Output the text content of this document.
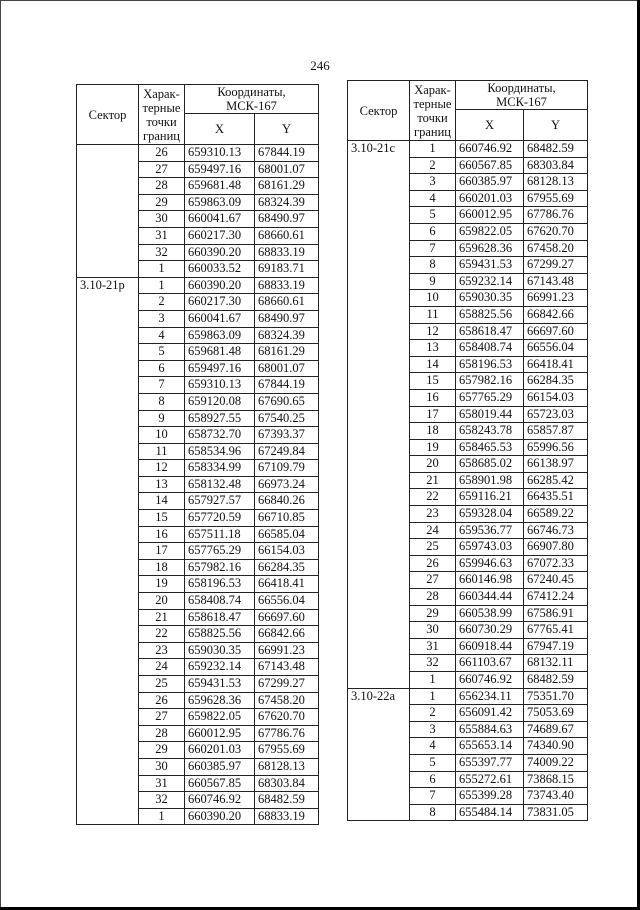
246
Сектор	Харак-
терные
точки
границ	Координаты,
МСК-167	

		X	Y
	26	659310.13	67844.19
	27	659497.16	68001.07
	28	659681.48	68161.29
	29	659863.09	68324.39
	30	660041.67	68490.97
	31	660217.30	68660.61
	32	660390.20	68833.19
	1	660033.52	69183.71
3.10-21р	1	660390.20	68833.19
	2	660217.30	68660.61
	3	660041.67	68490.97
	4	659863.09	68324.39
	5	659681.48	68161.29
	6	659497.16	68001.07
	7	659310.13	67844.19
	8	659120.08	67690.65
	9	658927.55	67540.25
	10	658732.70	67393.37
	11	658534.96	67249.84
	12	658334.99	67109.79
	13	658132.48	66973.24
	14	657927.57	66840.26
	15	657720.59	66710.85
	16	657511.18	66585.04
	17	657765.29	66154.03
	18	657982.16	66284.35
	19	658196.53	66418.41
	20	658408.74	66556.04
	21	658618.47	66697.60
	22	658825.56	66842.66
	23	659030.35	66991.23
	24	659232.14	67143.48
	25	659431.53	67299.27
	26	659628.36	67458.20
	27	659822.05	67620.70
	28	660012.95	67786.76
	29	660201.03	67955.69
	30	660385.97	68128.13
	31	660567.85	68303.84
	32	660746.92	68482.59
	1	660390.20	68833.19
Сектор	Харак-
терные
точки
границ	Координаты,
МСК-167	

		X	Y
3.10-21с	1	660746.92	68482.59
	2	660567.85	68303.84
	3	660385.97	68128.13
	4	660201.03	67955.69
	5	660012.95	67786.76
	6	659822.05	67620.70
	7	659628.36	67458.20
	8	659431.53	67299.27
	9	659232.14	67143.48
	10	659030.35	66991.23
	11	658825.56	66842.66
	12	658618.47	66697.60
	13	658408.74	66556.04
	14	658196.53	66418.41
	15	657982.16	66284.35
	16	657765.29	66154.03
	17	658019.44	65723.03
	18	658243.78	65857.87
	19	658465.53	65996.56
	20	658685.02	66138.97
	21	658901.98	66285.42
	22	659116.21	66435.51
	23	659328.04	66589.22
	24	659536.77	66746.73
	25	659743.03	66907.80
	26	659946.63	67072.33
	27	660146.98	67240.45
	28	660344.44	67412.24
	29	660538.99	67586.91
	30	660730.29	67765.41
	31	660918.44	67947.19
	32	661103.67	68132.11
	1	660746.92	68482.59
3.10-22а	1	656234.11	75351.70
	2	656091.42	75053.69
	3	655884.63	74689.67
	4	655653.14	74340.90
	5	655397.77	74009.22
	6	655272.61	73868.15
	7	655399.28	73743.40
	8	655484.14	73831.05
